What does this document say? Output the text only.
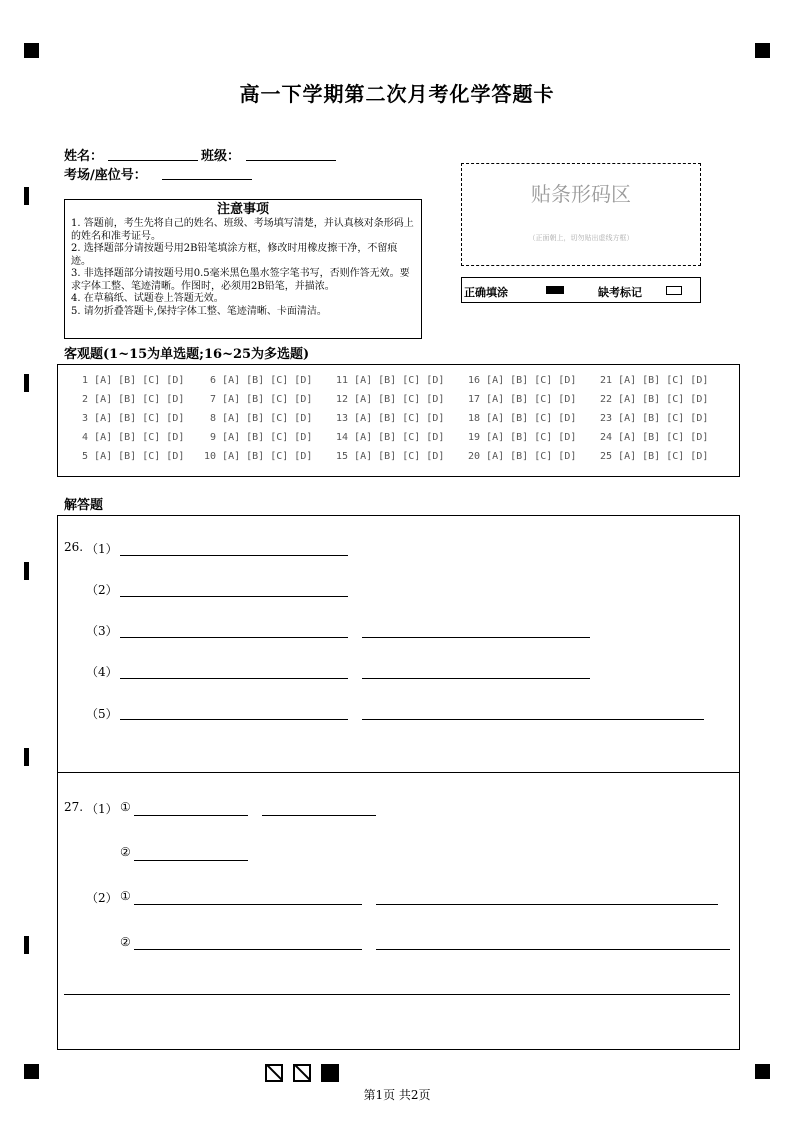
高一下学期第二次月考化学答题卡
姓名：	班级：
考场/座位号：
注意事项

1. 答题前，考生先将自己的姓名、班级、考场填写清楚，并认真核对条形码上的姓名和准考证号。

2. 选择题部分请按题号用2B铅笔填涂方框，修改时用橡皮擦干净，不留痕迹。

3. 非选择题部分请按题号用0.5毫米黑色墨水签字笔书写，否则作答无效。要求字体工整、笔迹清晰。作图时，必须用2B铅笔，并描浓。

4. 在草稿纸、试题卷上答题无效。

5. 请勿折叠答题卡,保持字体工整、笔迹清晰、卡面清洁。

贴条形码区
（正面朝上，切勿贴出虚线方框）
正确填涂	缺考标记
客观题(1~15为单选题;16~25为多选题)
1 [A] [B] [C] [D]
2 [A] [B] [C] [D]
3 [A] [B] [C] [D]
4 [A] [B] [C] [D]
5 [A] [B] [C] [D]
6 [A] [B] [C] [D]
7 [A] [B] [C] [D]
8 [A] [B] [C] [D]
9 [A] [B] [C] [D]
10 [A] [B] [C] [D]
11 [A] [B] [C] [D]
12 [A] [B] [C] [D]
13 [A] [B] [C] [D]
14 [A] [B] [C] [D]
15 [A] [B] [C] [D]
16 [A] [B] [C] [D]
17 [A] [B] [C] [D]
18 [A] [B] [C] [D]
19 [A] [B] [C] [D]
20 [A] [B] [C] [D]
21 [A] [B] [C] [D]
22 [A] [B] [C] [D]
23 [A] [B] [C] [D]
24 [A] [B] [C] [D]
25 [A] [B] [C] [D]
解答题
26. （1）
（2）
（3）
（4）
（5）
27. （1） ①
②
（2） ①
②
第1页 共2页
